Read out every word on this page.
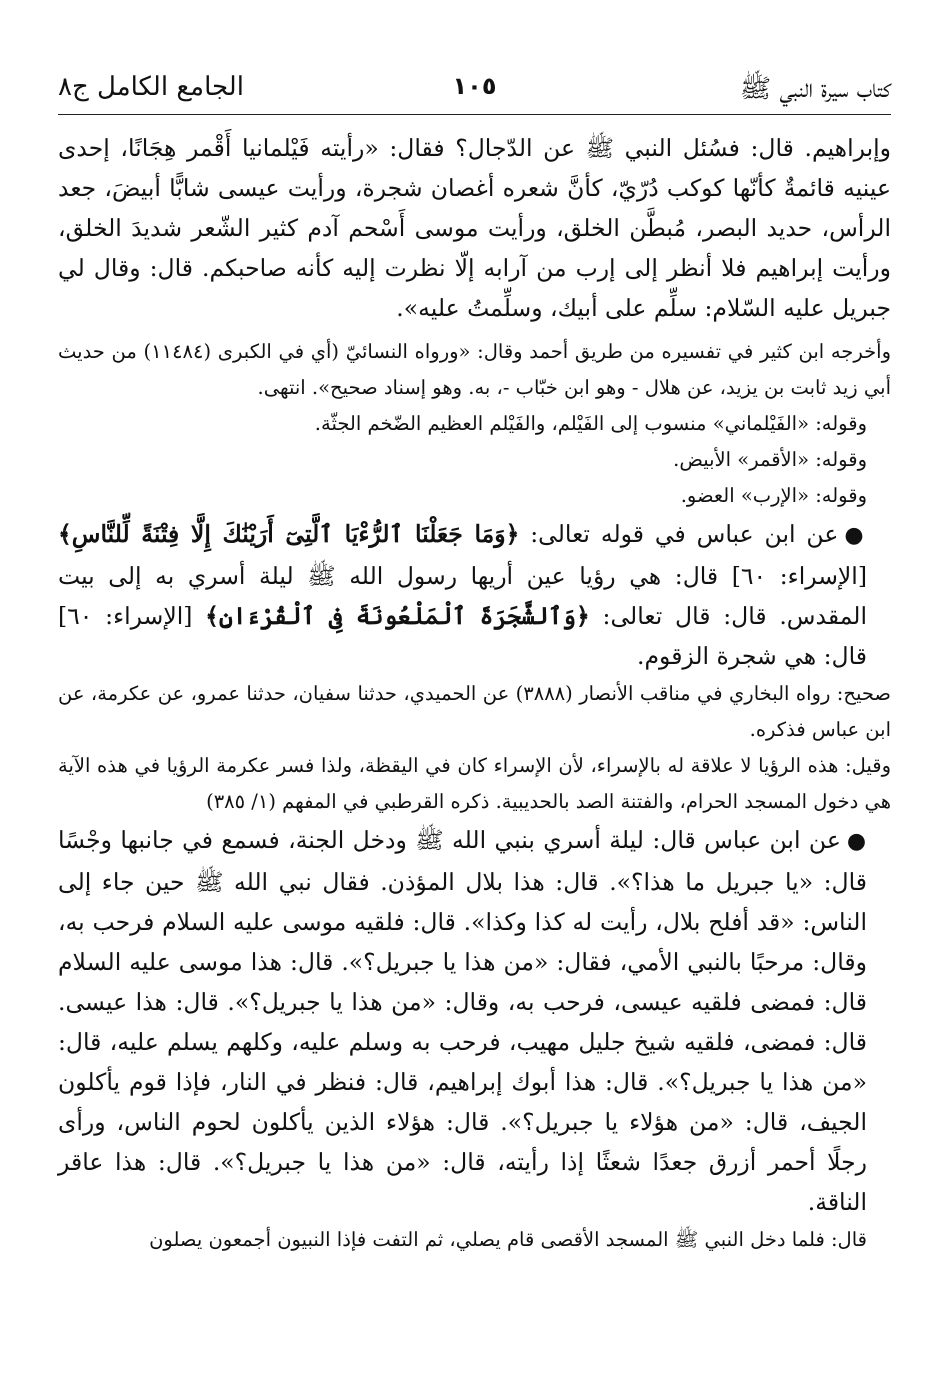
كتاب سيرة النبي ﷺ
١٠٥
الجامع الكامل ج٨

وإبراهيم. قال: فسُئل النبي ﷺ عن الدّجال؟ فقال: «رأيته فَيْلمانيا أَقْمر هِجَانًا، إحدى عينيه قائمةٌ كأنّها كوكب دُرّيّ، كأنَّ شعره أغصان شجرة، ورأيت عيسى شابًّا أبيضَ، جعد الرأس، حديد البصر، مُبطَّن الخلق، ورأيت موسى أَسْحم آدم كثير الشّعر شديدَ الخلق، ورأيت إبراهيم فلا أنظر إلى إرب من آرابه إلّا نظرت إليه كأنه صاحبكم. قال: وقال لي جبريل عليه السّلام: سلِّم على أبيك، وسلِّمتُ عليه».

وأخرجه ابن كثير في تفسيره من طريق أحمد وقال: «ورواه النسائيّ (أي في الكبرى (١١٤٨٤) من حديث أبي زيد ثابت بن يزيد، عن هلال - وهو ابن خبّاب -، به. وهو إسناد صحيح». انتهى.

وقوله: «الفَيْلماني» منسوب إلى الفَيْلم، والفَيْلم العظيم الضّخم الجثّة.

وقوله: «الأقمر» الأبيض.

وقوله: «الإرب» العضو.

●عن ابن عباس في قوله تعالى: ﴿وَمَا جَعَلْنَا ٱلرُّءْيَا ٱلَّتِىٓ أَرَيْنَٰكَ إِلَّا فِتْنَةً لِّلنَّاسِ﴾ [الإسراء: ٦٠] قال: هي رؤيا عين أريها رسول الله ﷺ ليلة أسري به إلى بيت المقدس. قال: قال تعالى: ﴿وَٱلشَّجَرَةَ ٱلْمَلْعُونَةَ فِى ٱلْقُرْءَانِ﴾ [الإسراء: ٦٠] قال: هي شجرة الزقوم.

صحيح: رواه البخاري في مناقب الأنصار (٣٨٨٨) عن الحميدي، حدثنا سفيان، حدثنا عمرو، عن عكرمة، عن ابن عباس فذكره.

وقيل: هذه الرؤيا لا علاقة له بالإسراء، لأن الإسراء كان في اليقظة، ولذا فسر عكرمة الرؤيا في هذه الآية هي دخول المسجد الحرام، والفتنة الصد بالحديبية. ذكره القرطبي في المفهم (١/ ٣٨٥)

●عن ابن عباس قال: ليلة أسري بنبي الله ﷺ ودخل الجنة، فسمع في جانبها وجْسًا قال: «يا جبريل ما هذا؟». قال: هذا بلال المؤذن. فقال نبي الله ﷺ حين جاء إلى الناس: «قد أفلح بلال، رأيت له كذا وكذا». قال: فلقيه موسى عليه السلام فرحب به، وقال: مرحبًا بالنبي الأمي، فقال: «من هذا يا جبريل؟». قال: هذا موسى عليه السلام قال: فمضى فلقيه عيسى، فرحب به، وقال: «من هذا يا جبريل؟». قال: هذا عيسى. قال: فمضى، فلقيه شيخ جليل مهيب، فرحب به وسلم عليه، وكلهم يسلم عليه، قال: «من هذا يا جبريل؟». قال: هذا أبوك إبراهيم، قال: فنظر في النار، فإذا قوم يأكلون الجيف، قال: «من هؤلاء يا جبريل؟». قال: هؤلاء الذين يأكلون لحوم الناس، ورأى رجلًا أحمر أزرق جعدًا شعثًا إذا رأيته، قال: «من هذا يا جبريل؟». قال: هذا عاقر الناقة.

قال: فلما دخل النبي ﷺ المسجد الأقصى قام يصلي، ثم التفت فإذا النبيون أجمعون يصلون
